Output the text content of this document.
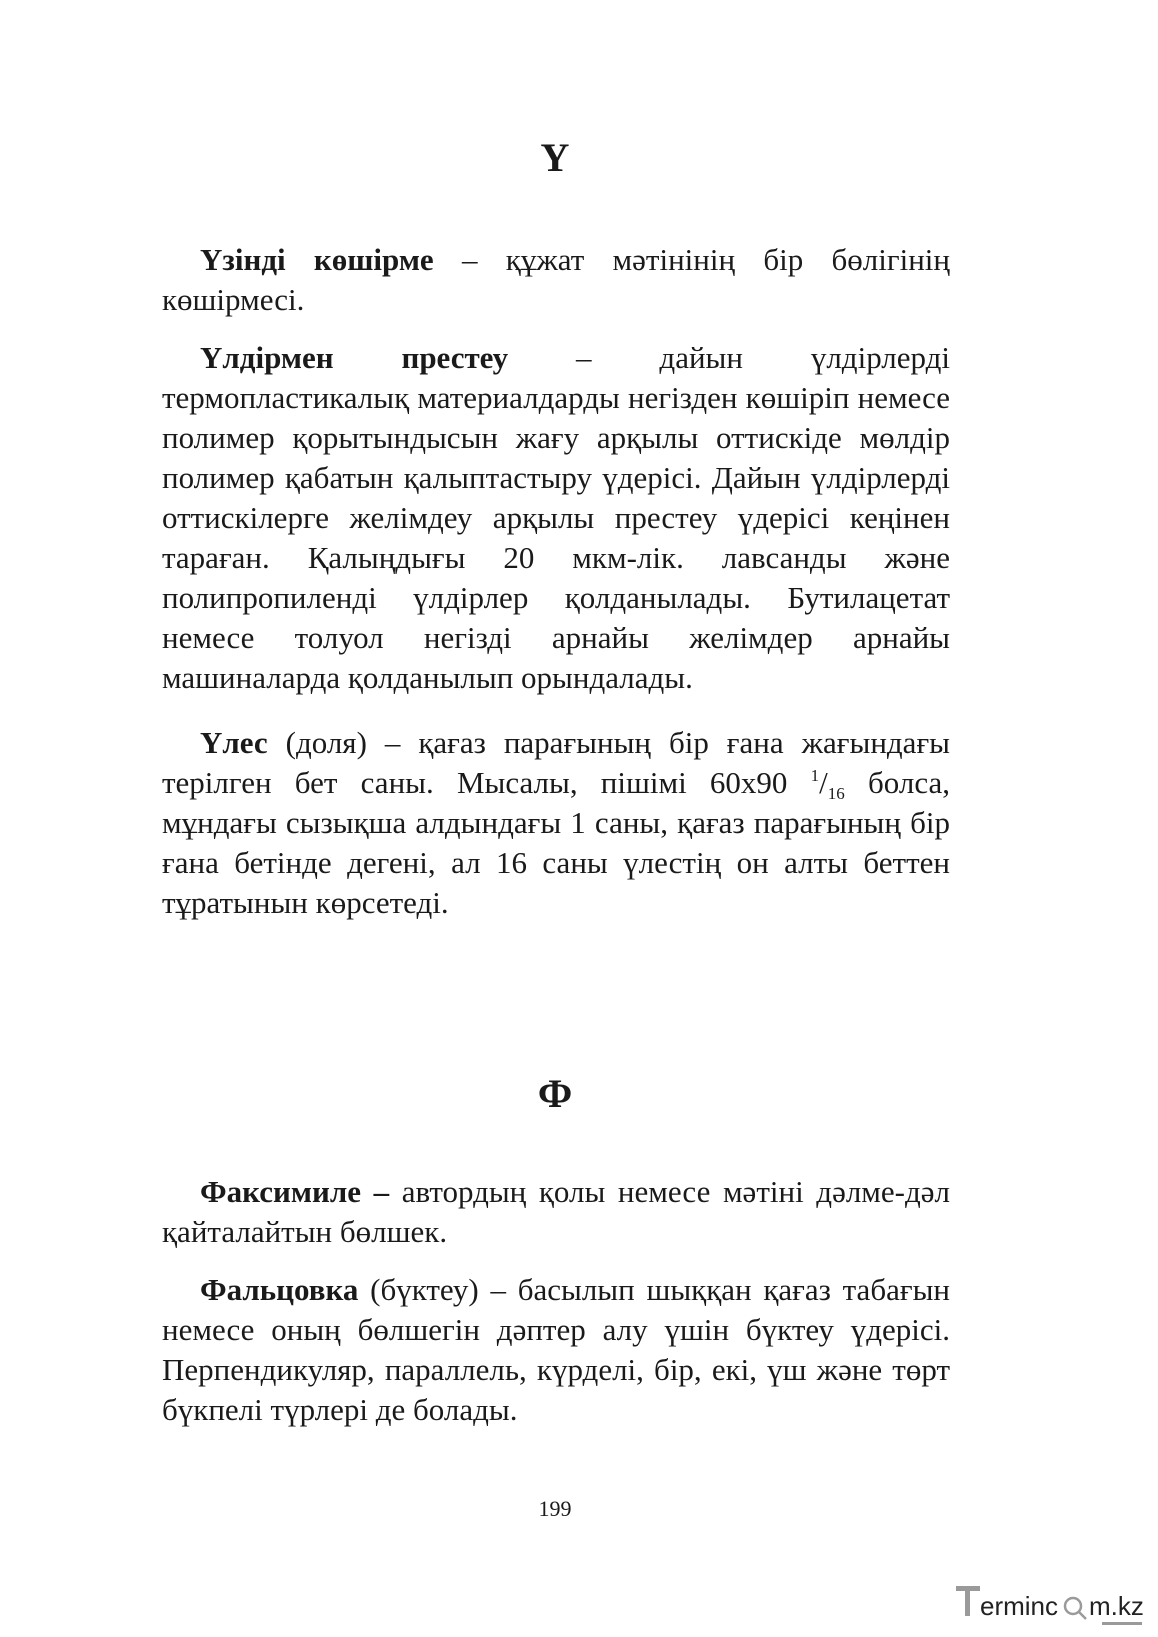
Ү

Үзінді көшірме – құжат мәтінінің бір бөлігінің көшірмесі.

Үлдірмен престеу – дайын үлдірлерді термопластикалық материалдарды негізден көшіріп немесе полимер қорытындысын жағу арқылы оттискіде мөлдір полимер қабатын қалыптастыру үдерісі. Дайын үлдірлерді оттискілерге желімдеу арқылы престеу үдерісі кеңінен тараған. Қалыңдығы 20 мкм-лік. лавсанды және полипропиленді үлдірлер қолданылады. Бутилацетат немесе толуол негізді арнайы желімдер арнайы машиналарда қолданылып орындалады.

Үлес (доля) – қағаз парағының бір ғана жағындағы терілген бет саны. Мысалы, пішімі 60х90 $^1/_{16}$ болса, мұндағы сызықша алдындағы 1 саны, қағаз парағының бір ғана бетінде дегені, ал 16 саны үлестің он алты беттен тұратынын көрсетеді.

Ф

Факсимиле – автордың қолы немесе мәтіні дәлме-дәл қайталайтын бөлшек.

Фальцовка (бүктеу) – басылып шыққан қағаз табағын немесе оның бөлшегін дәптер алу үшін бүктеу үдерісі. Перпендикуляр, параллель, күрделі, бір, екі, үш және төрт бүкпелі түрлері де болады.

199
erminc m.kz
